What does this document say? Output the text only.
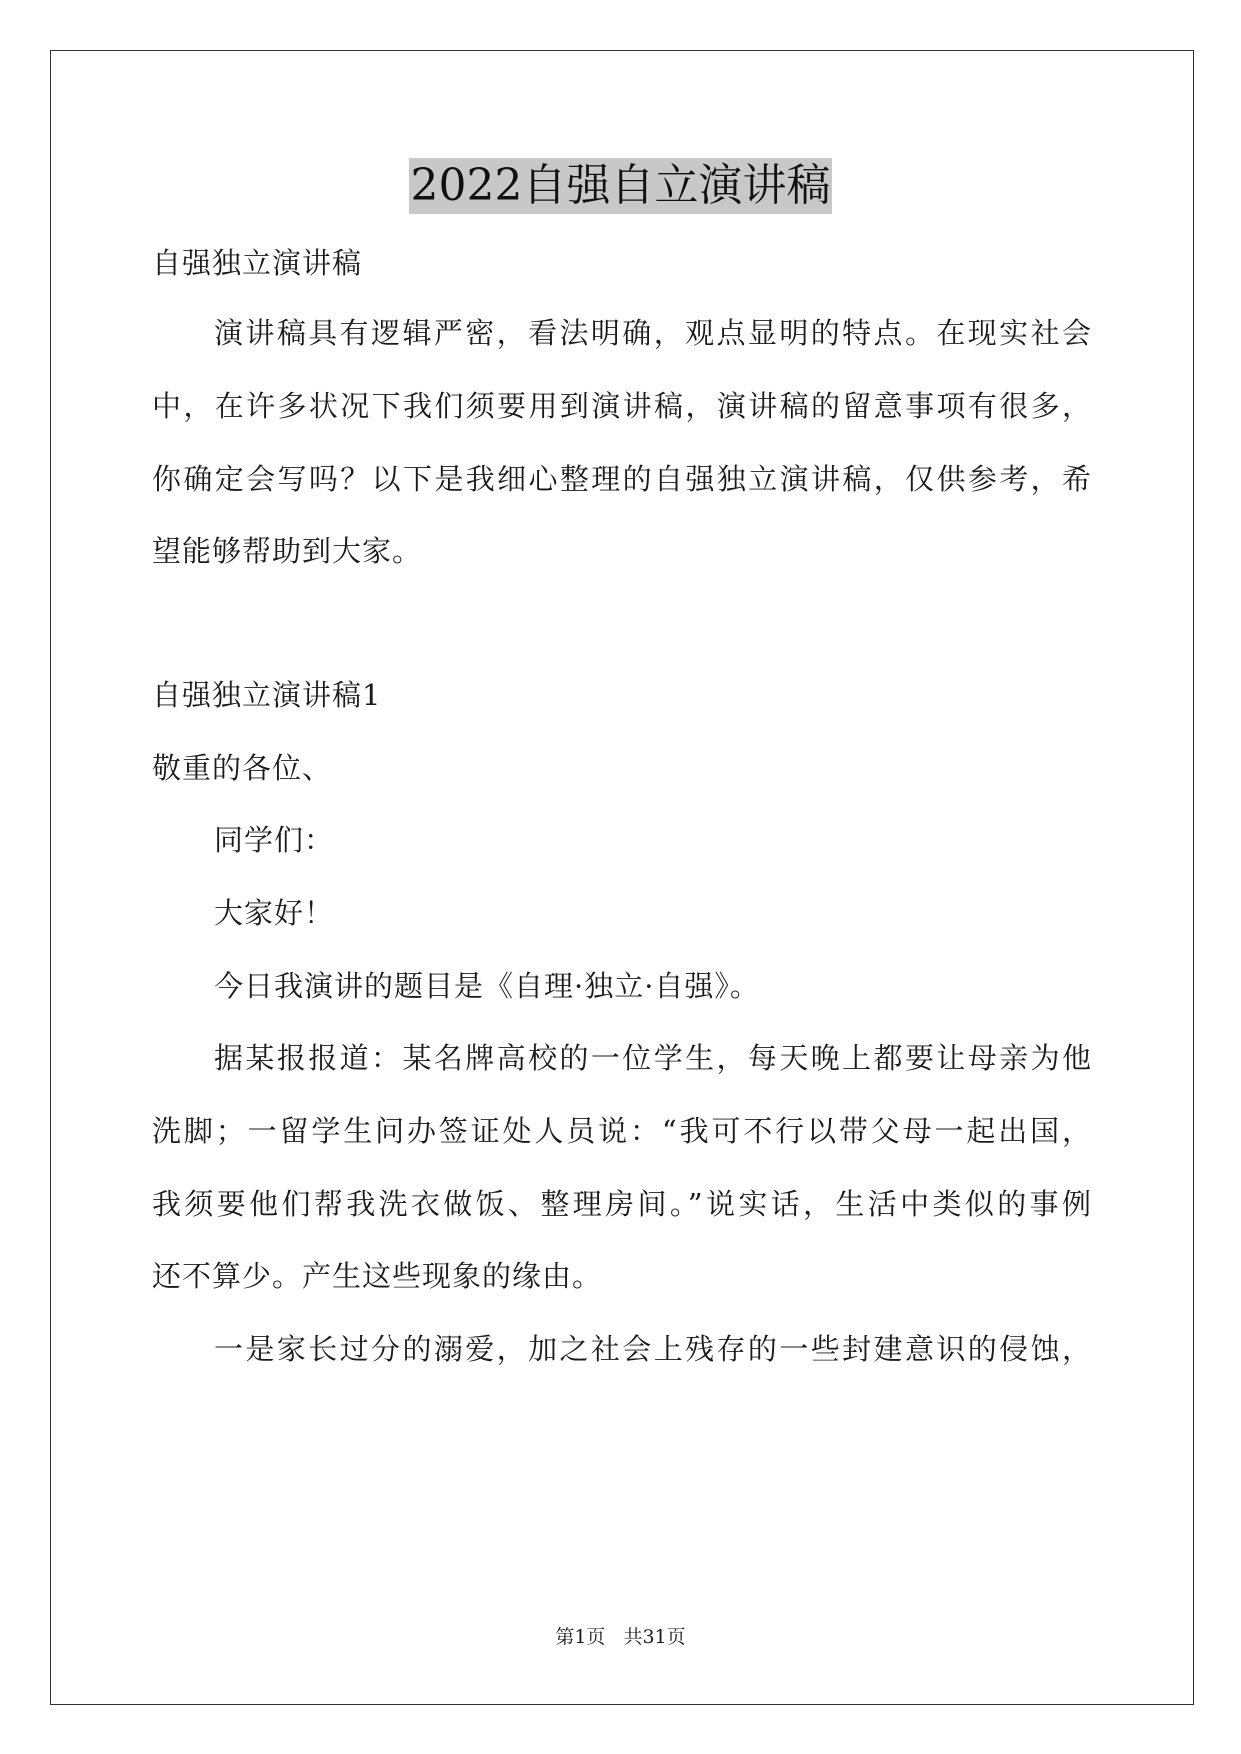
2022自强自立演讲稿
自强独立演讲稿
演讲稿具有逻辑严密，看法明确，观点显明的特点。在现实社会
中，在许多状况下我们须要用到演讲稿，演讲稿的留意事项有很多，
你确定会写吗？以下是我细心整理的自强独立演讲稿，仅供参考，希
望能够帮助到大家。
自强独立演讲稿1
敬重的各位、
同学们：
大家好！
今日我演讲的题目是《自理·独立·自强》。
据某报报道：某名牌高校的一位学生，每天晚上都要让母亲为他
洗脚；一留学生问办签证处人员说：“我可不行以带父母一起出国，
我须要他们帮我洗衣做饭、整理房间。”说实话，生活中类似的事例
还不算少。产生这些现象的缘由。
一是家长过分的溺爱，加之社会上残存的一些封建意识的侵蚀，
第1页 共31页
